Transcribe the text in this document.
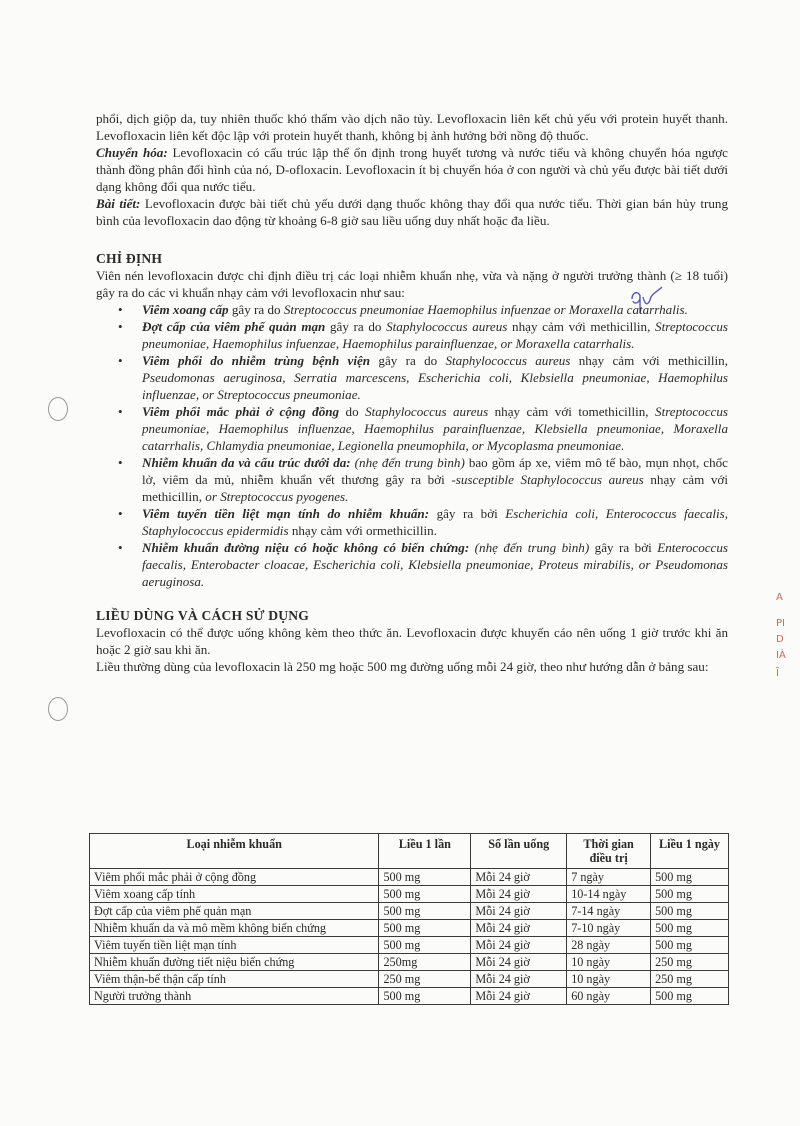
A
PI
D
IÀ
Ĩ

phổi, dịch giộp da, tuy nhiên thuốc khó thấm vào dịch não tủy. Levofloxacin liên kết chủ yếu với protein huyết thanh. Levofloxacin liên kết độc lập với protein huyết thanh, không bị ảnh hưởng bởi nồng độ thuốc.

Chuyển hóa: Levofloxacin có cấu trúc lập thể ổn định trong huyết tương và nước tiểu và không chuyển hóa ngược thành đồng phân đối hình của nó, D-ofloxacin. Levofloxacin ít bị chuyển hóa ở con người và chủ yếu được bài tiết dưới dạng không đổi qua nước tiểu.

Bài tiết: Levofloxacin được bài tiết chủ yếu dưới dạng thuốc không thay đổi qua nước tiểu. Thời gian bán hủy trung bình của levofloxacin dao động từ khoảng 6-8 giờ sau liều uống duy nhất hoặc đa liều.

CHỈ ĐỊNH

Viên nén levofloxacin được chỉ định điều trị các loại nhiễm khuẩn nhẹ, vừa và nặng ở người trưởng thành (≥ 18 tuổi) gây ra do các vi khuẩn nhạy cảm với levofloxacin như sau:

• Viêm xoang cấp gây ra do Streptococcus pneumoniae Haemophilus infuenzae or Moraxella catarrhalis.
• Đợt cấp của viêm phế quản mạn gây ra do Staphylococcus aureus nhạy cảm với methicillin, Streptococcus pneumoniae, Haemophilus infuenzae, Haemophilus parainfluenzae, or Moraxella catarrhalis.
• Viêm phổi do nhiễm trùng bệnh viện gây ra do Staphylococcus aureus nhạy cảm với methicillin, Pseudomonas aeruginosa, Serratia marcescens, Escherichia coli, Klebsiella pneumoniae, Haemophilus influenzae, or Streptococcus pneumoniae.
• Viêm phổi mắc phải ở cộng đồng do Staphylococcus aureus nhạy cảm với tomethicillin, Streptococcus pneumoniae, Haemophilus influenzae, Haemophilus parainfluenzae, Klebsiella pneumoniae, Moraxella catarrhalis, Chlamydia pneumoniae, Legionella pneumophila, or Mycoplasma pneumoniae.
• Nhiễm khuẩn da và cấu trúc dưới da: (nhẹ đến trung bình) bao gồm áp xe, viêm mô tế bào, mụn nhọt, chốc lở, viêm da mủ, nhiễm khuẩn vết thương gây ra bởi -susceptible Staphylococcus aureus nhạy cảm với methicillin, or Streptococcus pyogenes.
• Viêm tuyến tiền liệt mạn tính do nhiễm khuẩn: gây ra bởi Escherichia coli, Enterococcus faecalis, Staphylococcus epidermidis nhạy cảm với ormethicillin.
• Nhiễm khuẩn đường niệu có hoặc không có biến chứng: (nhẹ đến trung bình) gây ra bởi Enterococcus faecalis, Enterobacter cloacae, Escherichia coli, Klebsiella pneumoniae, Proteus mirabilis, or Pseudomonas aeruginosa.

LIỀU DÙNG VÀ CÁCH SỬ DỤNG

Levofloxacin có thể được uống không kèm theo thức ăn. Levofloxacin được khuyến cáo nên uống 1 giờ trước khi ăn hoặc 2 giờ sau khi ăn.

Liều thường dùng của levofloxacin là 250 mg hoặc 500 mg đường uống mỗi 24 giờ, theo như hướng dẫn ở bảng sau:

Loại nhiễm khuẩn	Liều 1 lần	Số lần uống	Thời gian điều trị	Liều 1 ngày
Viêm phổi mắc phải ở cộng đồng	500 mg	Mỗi 24 giờ	7 ngày	500 mg
Viêm xoang cấp tính	500 mg	Mỗi 24 giờ	10-14 ngày	500 mg
Đợt cấp của viêm phế quản mạn	500 mg	Mỗi 24 giờ	7-14 ngày	500 mg
Nhiễm khuẩn da và mô mềm không biến chứng	500 mg	Mỗi 24 giờ	7-10 ngày	500 mg
Viêm tuyến tiền liệt mạn tính	500 mg	Mỗi 24 giờ	28 ngày	500 mg
Nhiễm khuẩn đường tiết niệu biến chứng	250mg	Mỗi 24 giờ	10 ngày	250 mg
Viêm thận-bể thận cấp tính	250 mg	Mỗi 24 giờ	10 ngày	250 mg
Người trưởng thành	500 mg	Mỗi 24 giờ	60 ngày	500 mg
